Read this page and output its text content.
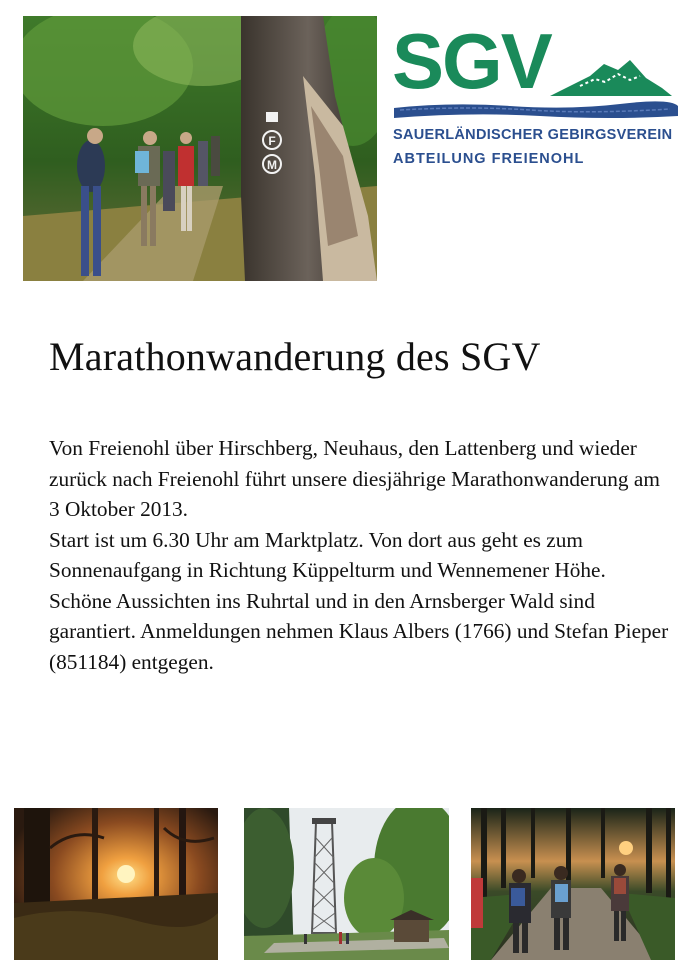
F
M
SGV
SAUERLÄNDISCHER GEBIRGSVEREIN
ABTEILUNG FREIENOHL
Marathonwanderung des SGV

Von Freienohl über Hirschberg, Neuhaus, den Lattenberg und wieder zurück nach Freienohl führt unsere diesjährige Marathonwanderung am 3 Oktober 2013.

Start ist um 6.30 Uhr am Marktplatz. Von dort aus geht es zum Sonnenaufgang in Richtung Küppelturm und Wennemener Höhe. Schöne Aussichten ins Ruhrtal und in den Arnsberger Wald sind garantiert. Anmeldungen nehmen Klaus Albers (1766) und Stefan Pieper (851184) entgegen.
